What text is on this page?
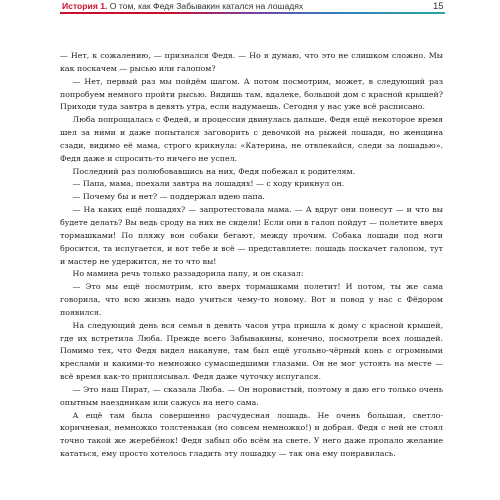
История 1. О том, как Федя Забывакин катался на лошадях	15

— Нет, к сожалению, — признался Федя. — Но я думаю, что это не слишком сложно. Мы как поскачем — рысью или галопом?

— Нет, первый раз мы пойдём шагом. А потом посмотрим, может, в следующий раз попробуем немного пройти рысью. Видишь там, вдалеке, большой дом с красной крышей? Приходи туда завтра в девять утра, если надумаешь. Сегодня у нас уже всё расписано.

Люба попрощалась с Федей, и процессия двинулась дальше. Федя ещё некоторое время шел за ними и даже попытался заговорить с девочкой на рыжей лошади, но женщина сзади, видимо её мама, строго крикнула: «Катерина, не отвлекайся, следи за лошадью». Федя даже и спросить-то ничего не успел.

Последний раз полюбовавшись на них, Федя побежал к родителям.

— Папа, мама, поехали завтра на лошадях! — с ходу крикнул он.

— Почему бы и нет? — поддержал идею папа.

— На каких ещё лошадях? — запротестовала мама. — А вдруг они понесут — и что вы будете делать? Вы ведь сроду на них не сидели! Если они в галоп пойдут — полетите вверх тормашками! По пляжу вон собаки бегают, между прочим. Собака лошади под ноги бросится, та испугается, и вот тебе и всё — представляете: лошадь поскачет галопом, тут и мастер не удержится, не то что вы!

Но мамина речь только раззадорила папу, и он сказал:

— Это мы ещё посмотрим, кто вверх тормашками полетит! И потом, ты же сама говорила, что всю жизнь надо учиться чему-то новому. Вот и повод у нас с Фёдором появился.

На следующий день вся семья в девять часов утра пришла к дому с красной крышей, где их встретила Люба. Прежде всего Забывакины, конечно, посмотрели всех лошадей. Помимо тех, что Федя видел накануне, там был ещё угольно-чёрный конь с огромными креслами и какими-то немножко сумасшедшими глазами. Он не мог устоять на месте — всё время как-то приплясывал. Федя даже чуточку испугался.

— Это наш Пират, — сказала Люба. — Он норовистый, поэтому я даю его только очень опытным наездникам или сажусь на него сама.

А ещё там была совершенно расчудесная лошадь. Не очень большая, светло-коричневая, немножко толстенькая (но совсем немножко!) и добрая. Федя с ней не стоял точно такой же жеребёнок! Федя забыл обо всём на свете. У него даже пропало желание кататься, ему просто хотелось гладить эту лошадку — так она ему понравилась.
